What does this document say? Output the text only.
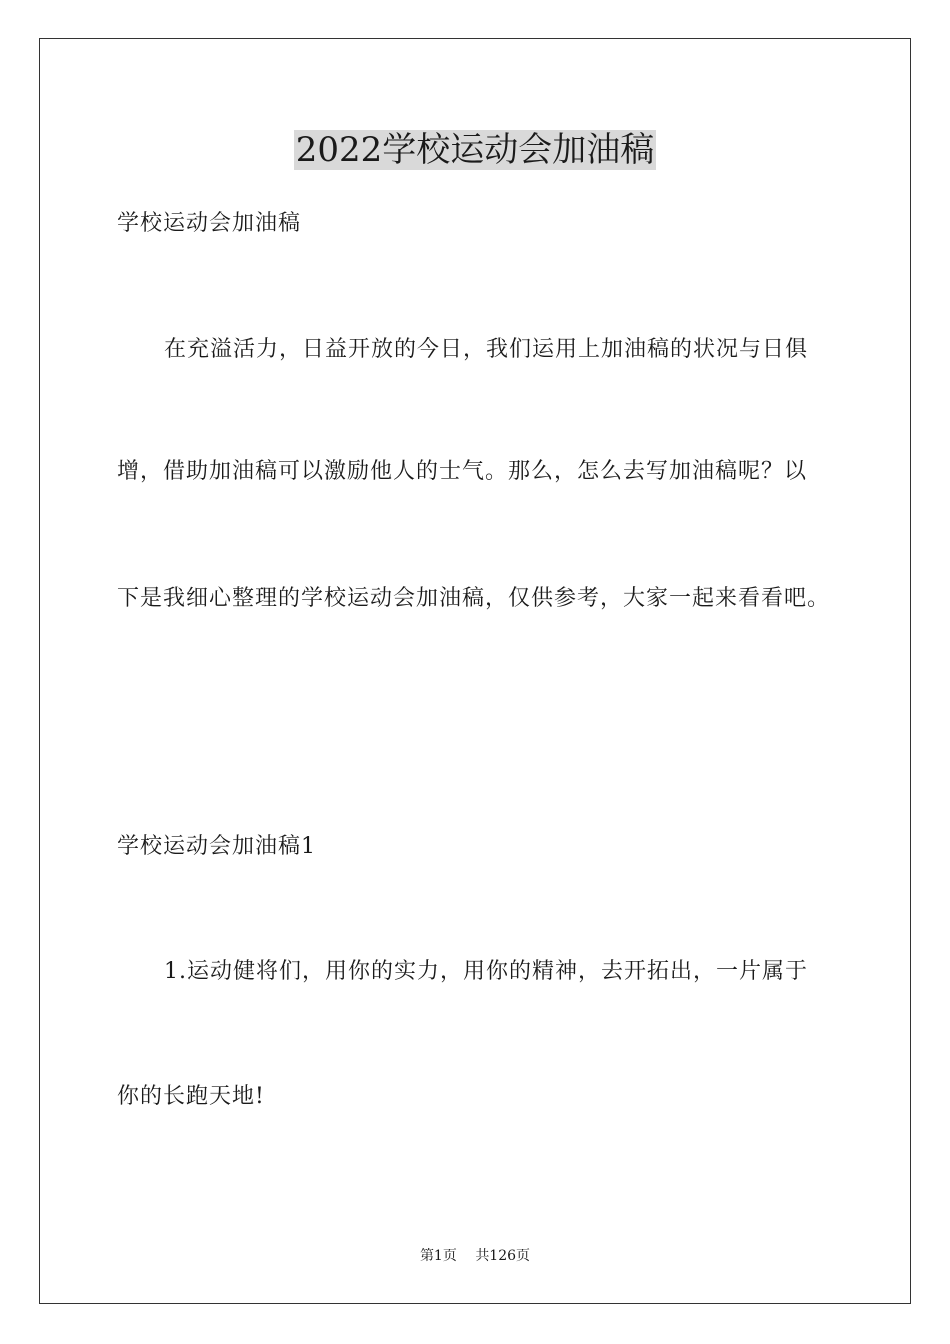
2022学校运动会加油稿
学校运动会加油稿
在充溢活力，日益开放的今日，我们运用上加油稿的状况与日俱
增，借助加油稿可以激励他人的士气。那么，怎么去写加油稿呢？以
下是我细心整理的学校运动会加油稿，仅供参考，大家一起来看看吧。
学校运动会加油稿1
1.运动健将们，用你的实力，用你的精神，去开拓出，一片属于
你的长跑天地!
第1页 共126页
